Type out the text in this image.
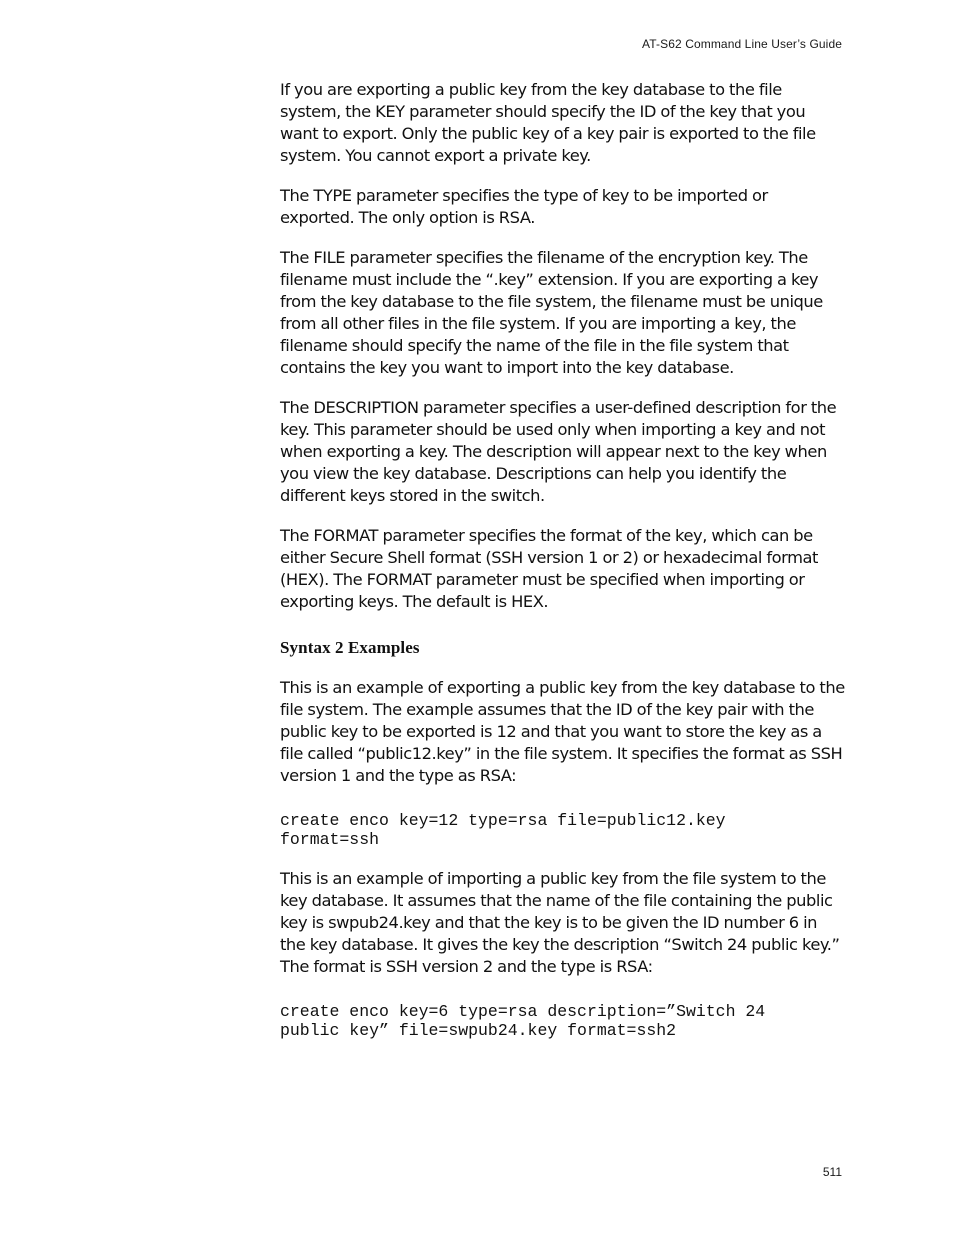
AT-S62 Command Line User’s Guide

If you are exporting a public key from the key database to the file system, the KEY parameter should specify the ID of the key that you want to export. Only the public key of a key pair is exported to the file system. You cannot export a private key.

The TYPE parameter specifies the type of key to be imported or exported. The only option is RSA.

The FILE parameter specifies the filename of the encryption key. The filename must include the “.key” extension. If you are exporting a key from the key database to the file system, the filename must be unique from all other files in the file system. If you are importing a key, the filename should specify the name of the file in the file system that contains the key you want to import into the key database.

The DESCRIPTION parameter specifies a user-defined description for the key. This parameter should be used only when importing a key and not when exporting a key. The description will appear next to the key when you view the key database. Descriptions can help you identify the different keys stored in the switch.

The FORMAT parameter specifies the format of the key, which can be either Secure Shell format (SSH version 1 or 2) or hexadecimal format (HEX). The FORMAT parameter must be specified when importing or exporting keys. The default is HEX.

Syntax 2 Examples

This is an example of exporting a public key from the key database to the file system. The example assumes that the ID of the key pair with the public key to be exported is 12 and that you want to store the key as a file called “public12.key” in the file system. It specifies the format as SSH version 1 and the type as RSA:

create enco key=12 type=rsa file=public12.key
format=ssh

This is an example of importing a public key from the file system to the key database. It assumes that the name of the file containing the public key is swpub24.key and that the key is to be given the ID number 6 in the key database. It gives the key the description “Switch 24 public key.” The format is SSH version 2 and the type is RSA:

create enco key=6 type=rsa description=”Switch 24
public key” file=swpub24.key format=ssh2
511
